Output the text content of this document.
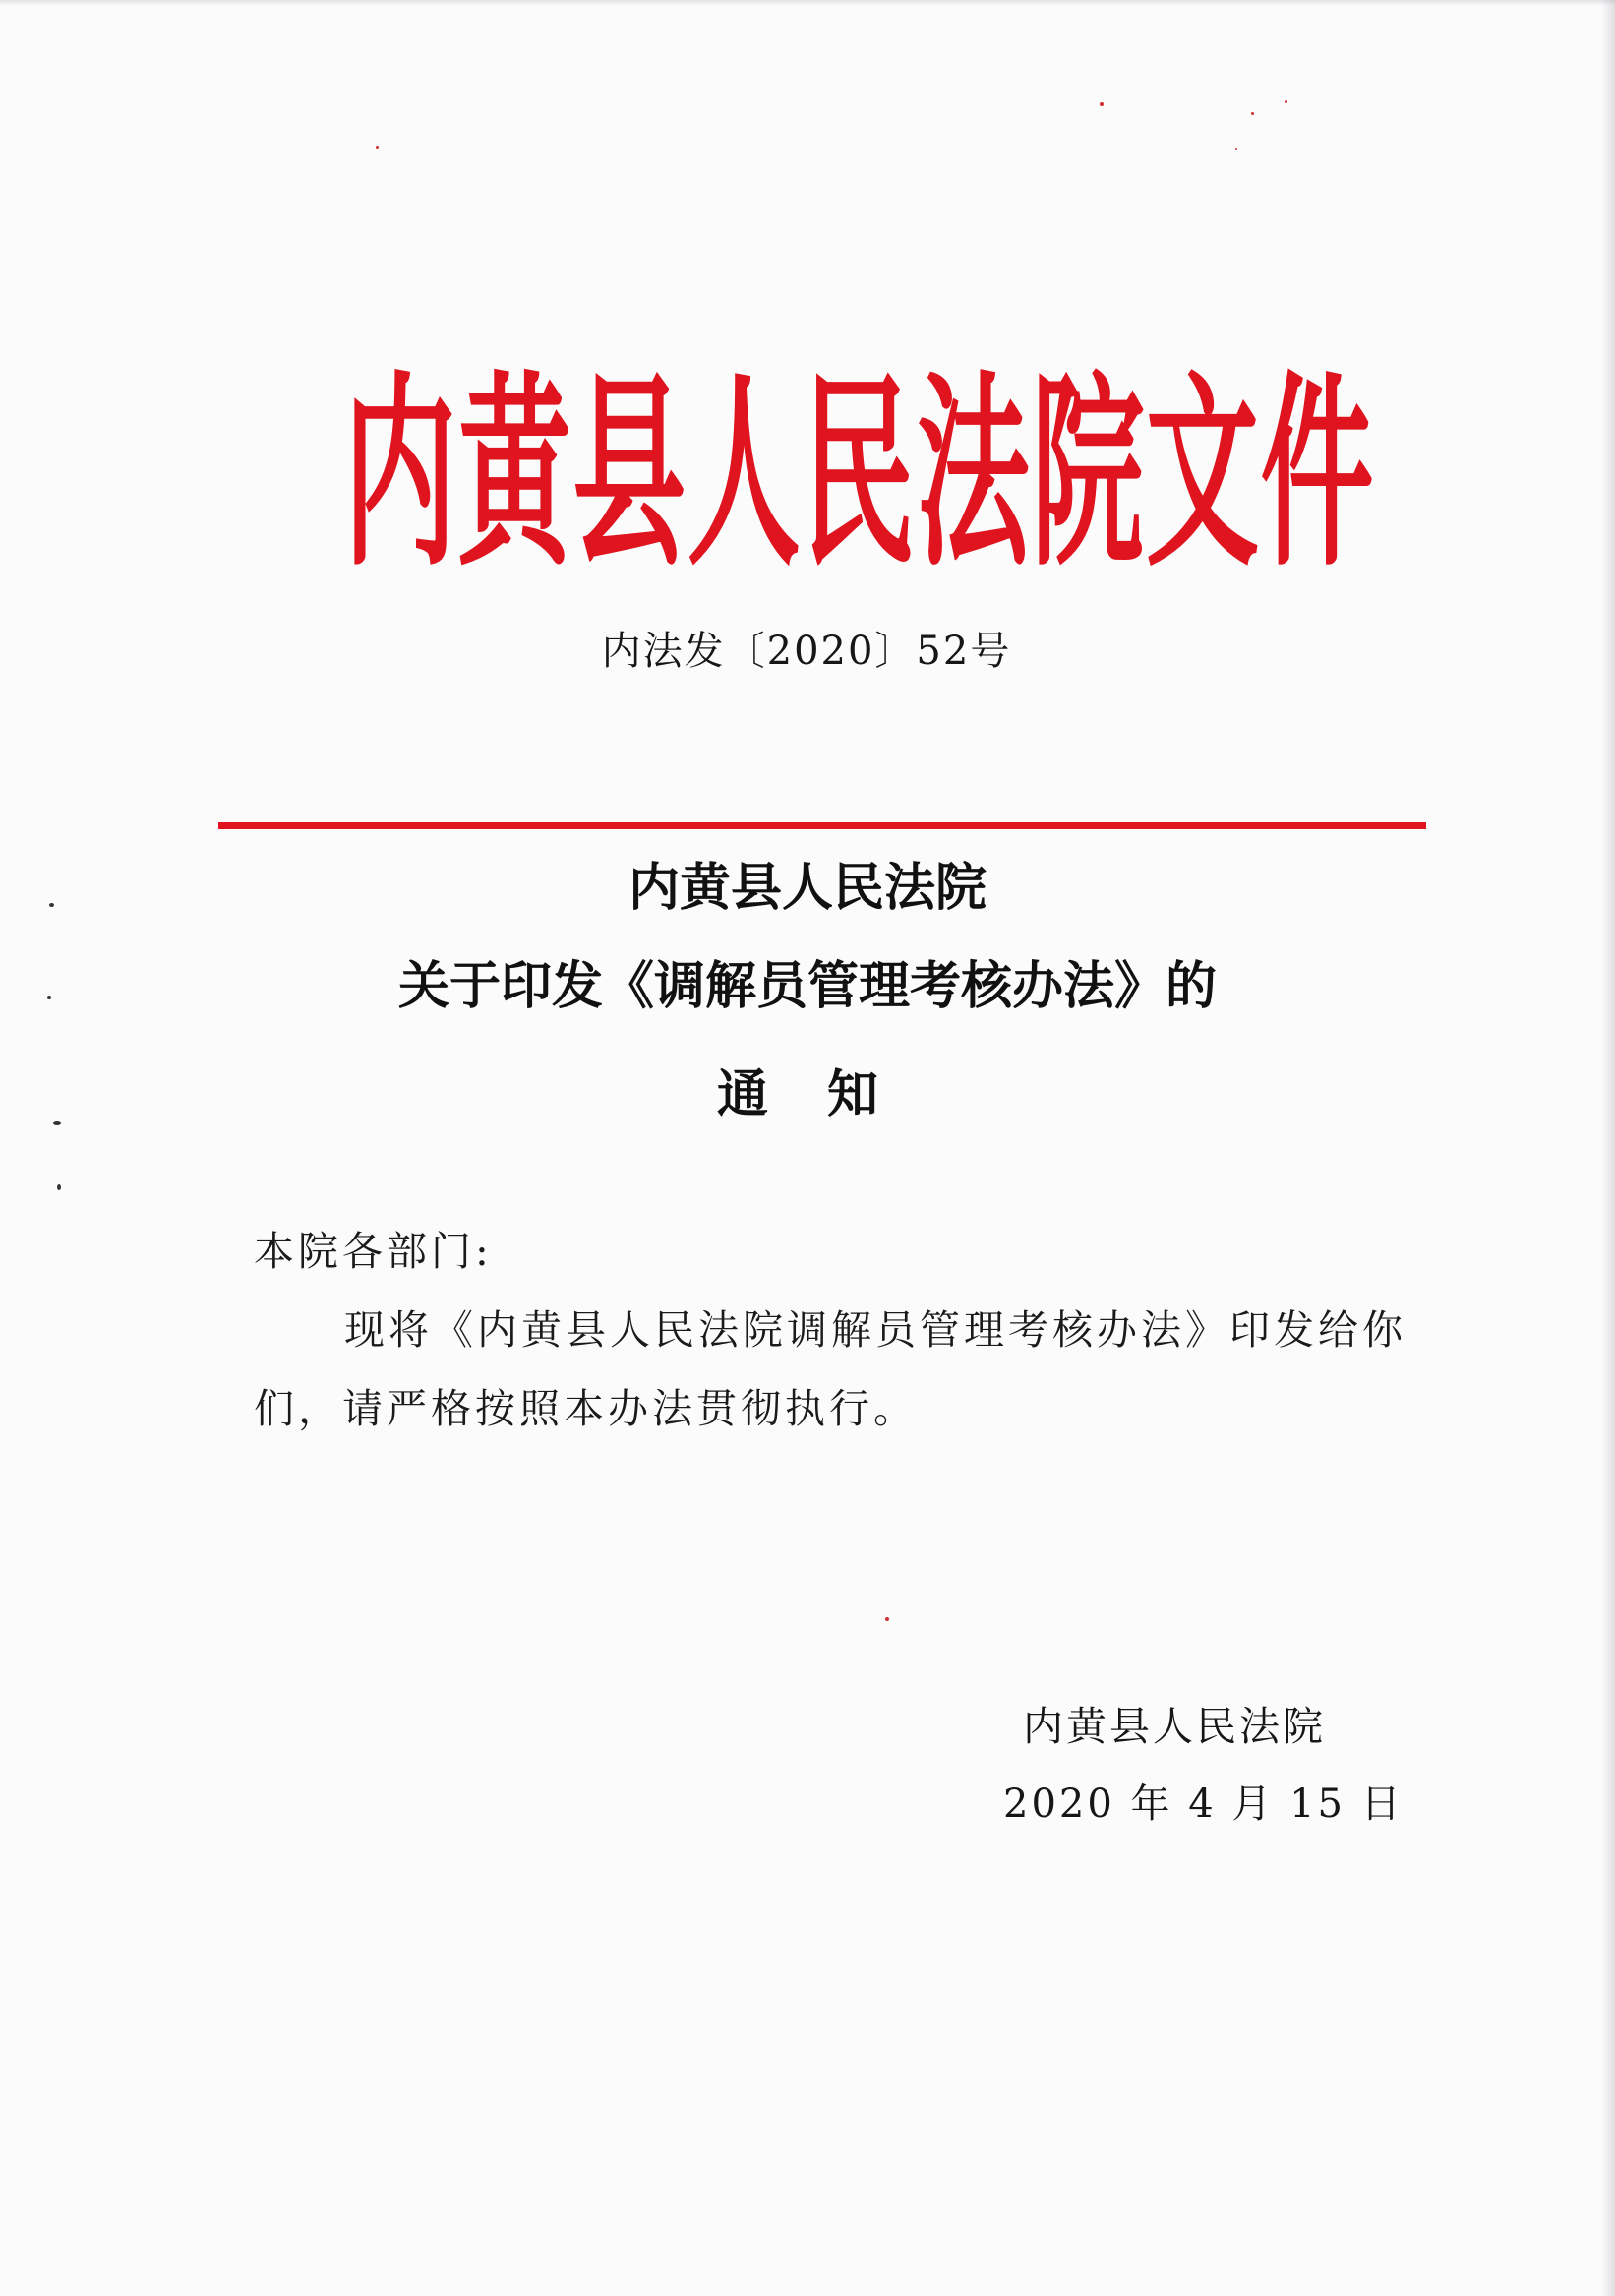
内黄县人民法院文件
内法发〔2020〕52号
内黄县人民法院
关于印发《调解员管理考核办法》的
通知
本院各部门:
现将《内黄县人民法院调解员管理考核办法》印发给你
们，请严格按照本办法贯彻执行。
内黄县人民法院
2020 年 4 月 15 日
